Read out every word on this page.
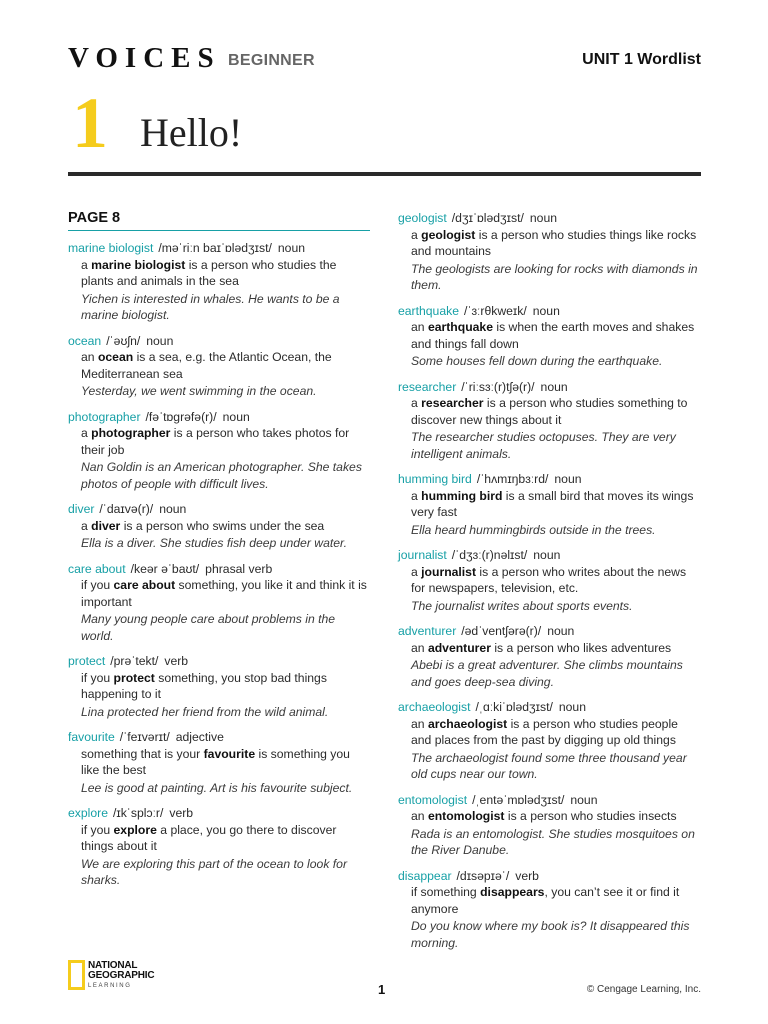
VOICES BEGINNER	UNIT 1 Wordlist
1 Hello!
PAGE 8
marine biologist /məˈriːn baɪˈɒlədʒɪst/ noun
a marine biologist is a person who studies the plants and animals in the sea
Yichen is interested in whales. He wants to be a marine biologist.
ocean /ˈəʊʃn/ noun
an ocean is a sea, e.g. the Atlantic Ocean, the Mediterranean sea
Yesterday, we went swimming in the ocean.
photographer /fəˈtɒɡrəfə(r)/ noun
a photographer is a person who takes photos for their job
Nan Goldin is an American photographer. She takes photos of people with difficult lives.
diver /ˈdaɪvə(r)/ noun
a diver is a person who swims under the sea
Ella is a diver. She studies fish deep under water.
care about /keər əˈbaʊt/ phrasal verb
if you care about something, you like it and think it is important
Many young people care about problems in the world.
protect /prəˈtekt/ verb
if you protect something, you stop bad things happening to it
Lina protected her friend from the wild animal.
favourite /ˈfeɪvərɪt/ adjective
something that is your favourite is something you like the best
Lee is good at painting. Art is his favourite subject.
explore /ɪkˈsplɔːr/ verb
if you explore a place, you go there to discover things about it
We are exploring this part of the ocean to look for sharks.
geologist /dʒɪˈɒlədʒɪst/ noun
a geologist is a person who studies things like rocks and mountains
The geologists are looking for rocks with diamonds in them.
earthquake /ˈɜːrθkweɪk/ noun
an earthquake is when the earth moves and shakes and things fall down
Some houses fell down during the earthquake.
researcher /ˈriːsɜː(r)tʃə(r)/ noun
a researcher is a person who studies something to discover new things about it
The researcher studies octopuses. They are very intelligent animals.
humming bird /ˈhʌmɪŋbɜːrd/ noun
a humming bird is a small bird that moves its wings very fast
Ella heard hummingbirds outside in the trees.
journalist /ˈdʒɜː(r)nəlɪst/ noun
a journalist is a person who writes about the news for newspapers, television, etc.
The journalist writes about sports events.
adventurer /ədˈventʃərə(r)/ noun
an adventurer is a person who likes adventures
Abebi is a great adventurer. She climbs mountains and goes deep-sea diving.
archaeologist /ˌɑːkiˈɒlədʒɪst/ noun
an archaeologist is a person who studies people and places from the past by digging up old things
The archaeologist found some three thousand year old cups near our town.
entomologist /ˌentəˈmɒlədʒɪst/ noun
an entomologist is a person who studies insects
Rada is an entomologist. She studies mosquitoes on the River Danube.
disappear /dɪsəpɪəˈ/ verb
if something disappears, you can’t see it or find it anymore
Do you know where my book is? It disappeared this morning.
NATIONAL
GEOGRAPHIC
LEARNING	1	© Cengage Learning, Inc.
